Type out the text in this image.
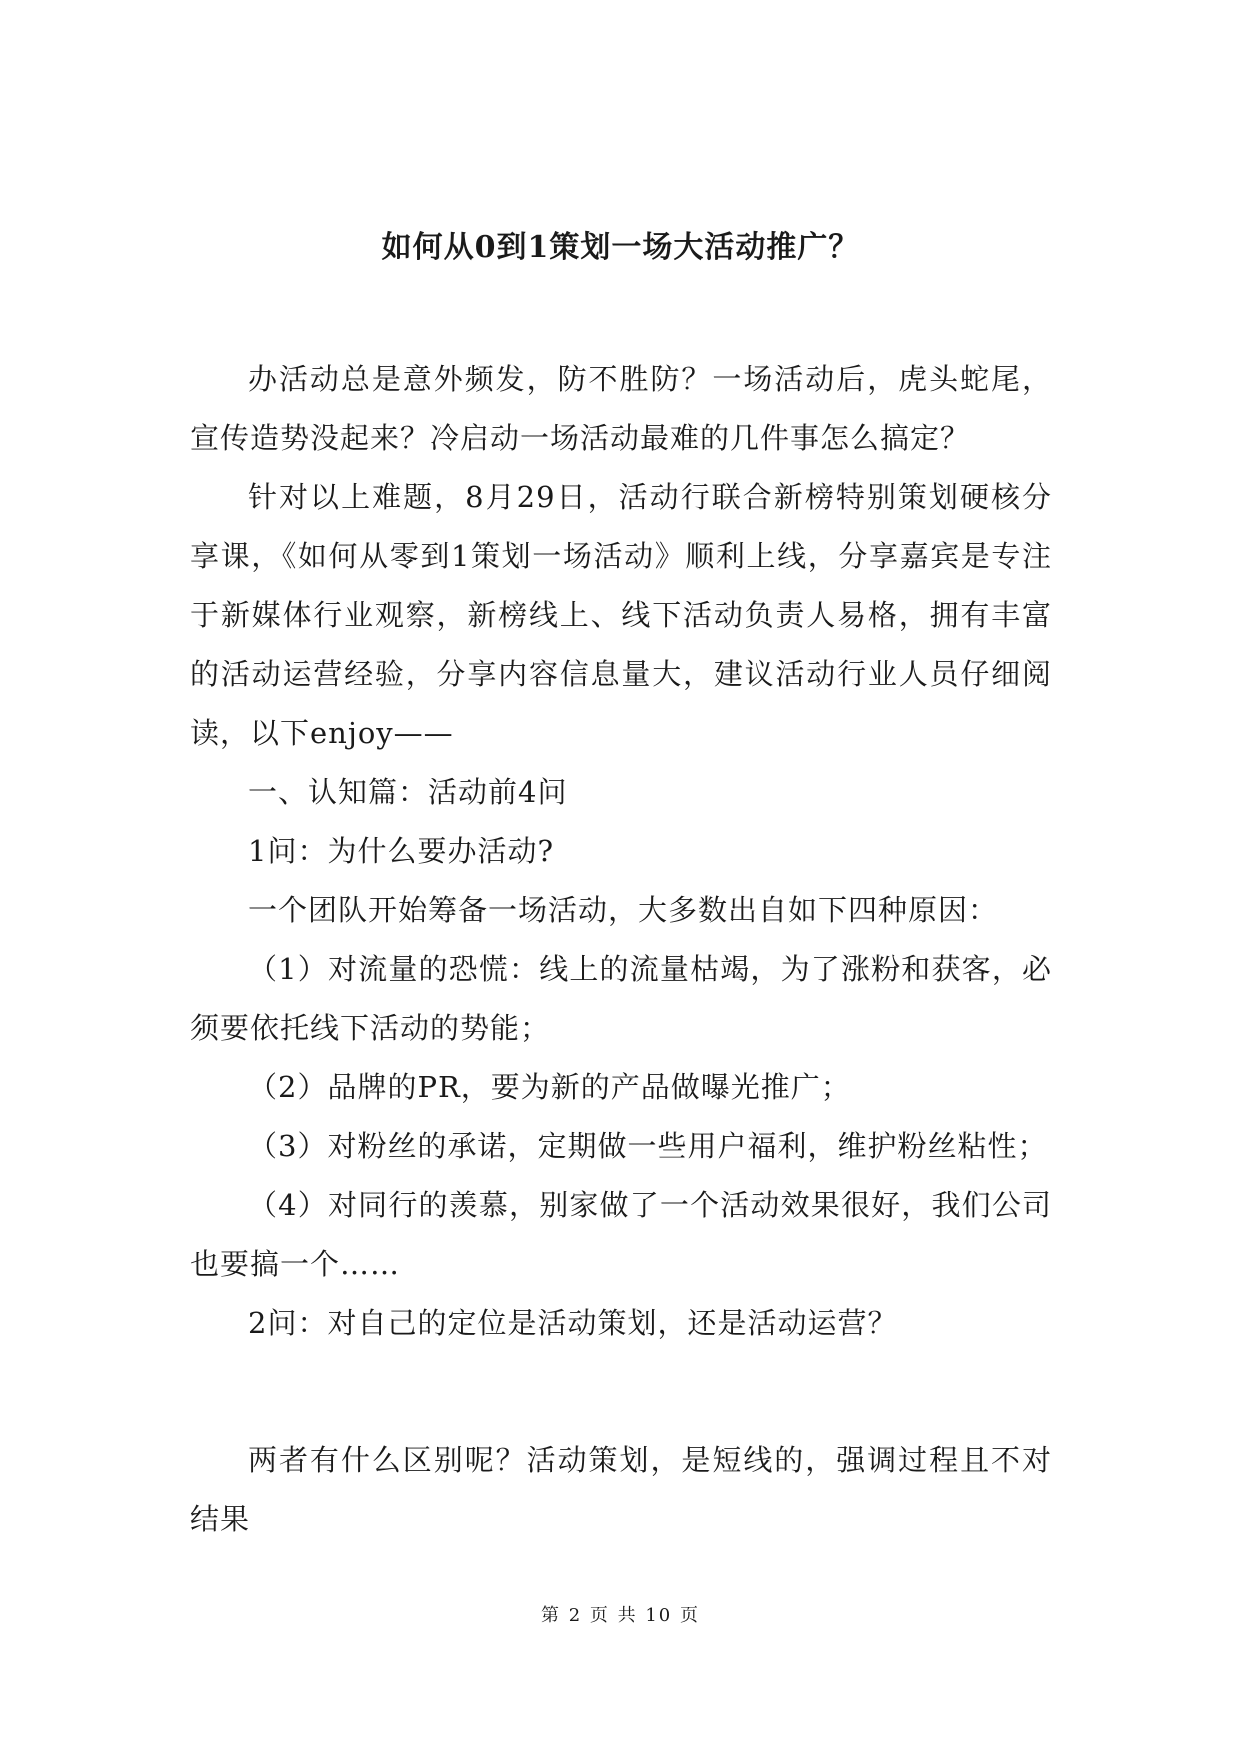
如何从0到1策划一场大活动推广？

办活动总是意外频发，防不胜防？一场活动后，虎头蛇尾，宣传造势没起来？冷启动一场活动最难的几件事怎么搞定？

针对以上难题，8月29日，活动行联合新榜特别策划硬核分享课，《如何从零到1策划一场活动》顺利上线，分享嘉宾是专注于新媒体行业观察，新榜线上、线下活动负责人易格，拥有丰富的活动运营经验，分享内容信息量大，建议活动行业人员仔细阅读，以下enjoy——

一、认知篇：活动前4问

1问：为什么要办活动?

一个团队开始筹备一场活动，大多数出自如下四种原因：

（1）对流量的恐慌：线上的流量枯竭，为了涨粉和获客，必须要依托线下活动的势能；

（2）品牌的PR，要为新的产品做曝光推广；

（3）对粉丝的承诺，定期做一些用户福利，维护粉丝粘性；

（4）对同行的羡慕，别家做了一个活动效果很好，我们公司也要搞一个……

2问：对自己的定位是活动策划，还是活动运营？

两者有什么区别呢？活动策划，是短线的，强调过程且不对结果

第 2 页 共 10 页
